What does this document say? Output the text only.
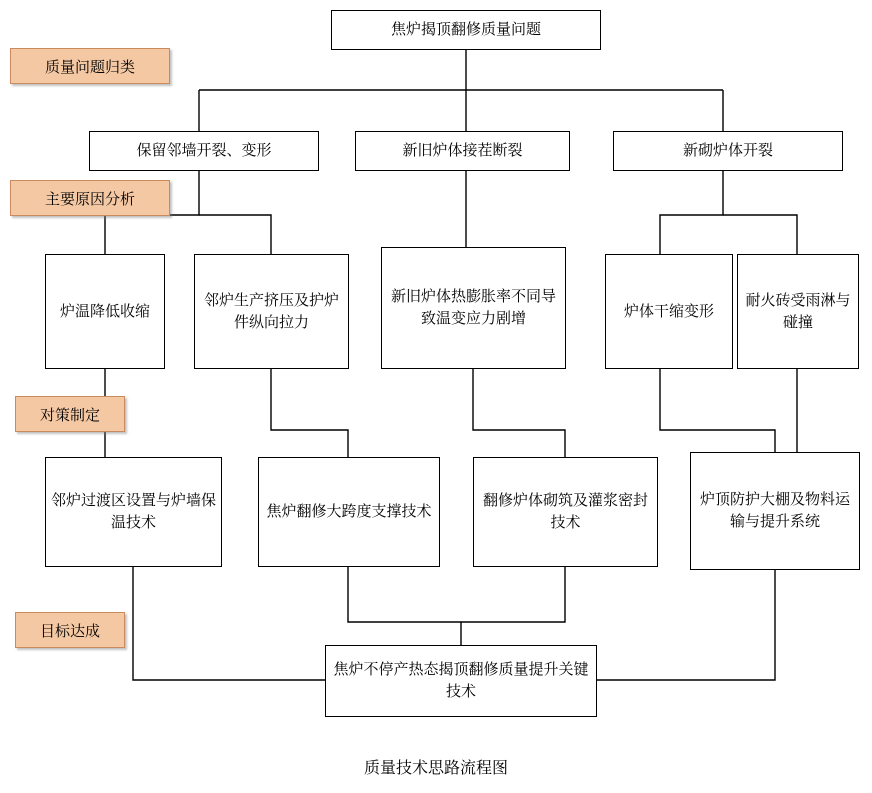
质量问题归类
主要原因分析
对策制定
目标达成
焦炉揭顶翻修质量问题
保留邻墙开裂、变形	新旧炉体接茬断裂	新砌炉体开裂
炉温降低收缩
邻炉生产挤压及护炉件纵向拉力
新旧炉体热膨胀率不同导致温变应力剧增	炉体干缩变形
耐火砖受雨淋与碰撞
邻炉过渡区设置与炉墙保温技术
焦炉翻修大跨度支撑技术
翻修炉体砌筑及灌浆密封技术
炉顶防护大棚及物料运输与提升系统
焦炉不停产热态揭顶翻修质量提升关键技术
质量技术思路流程图
